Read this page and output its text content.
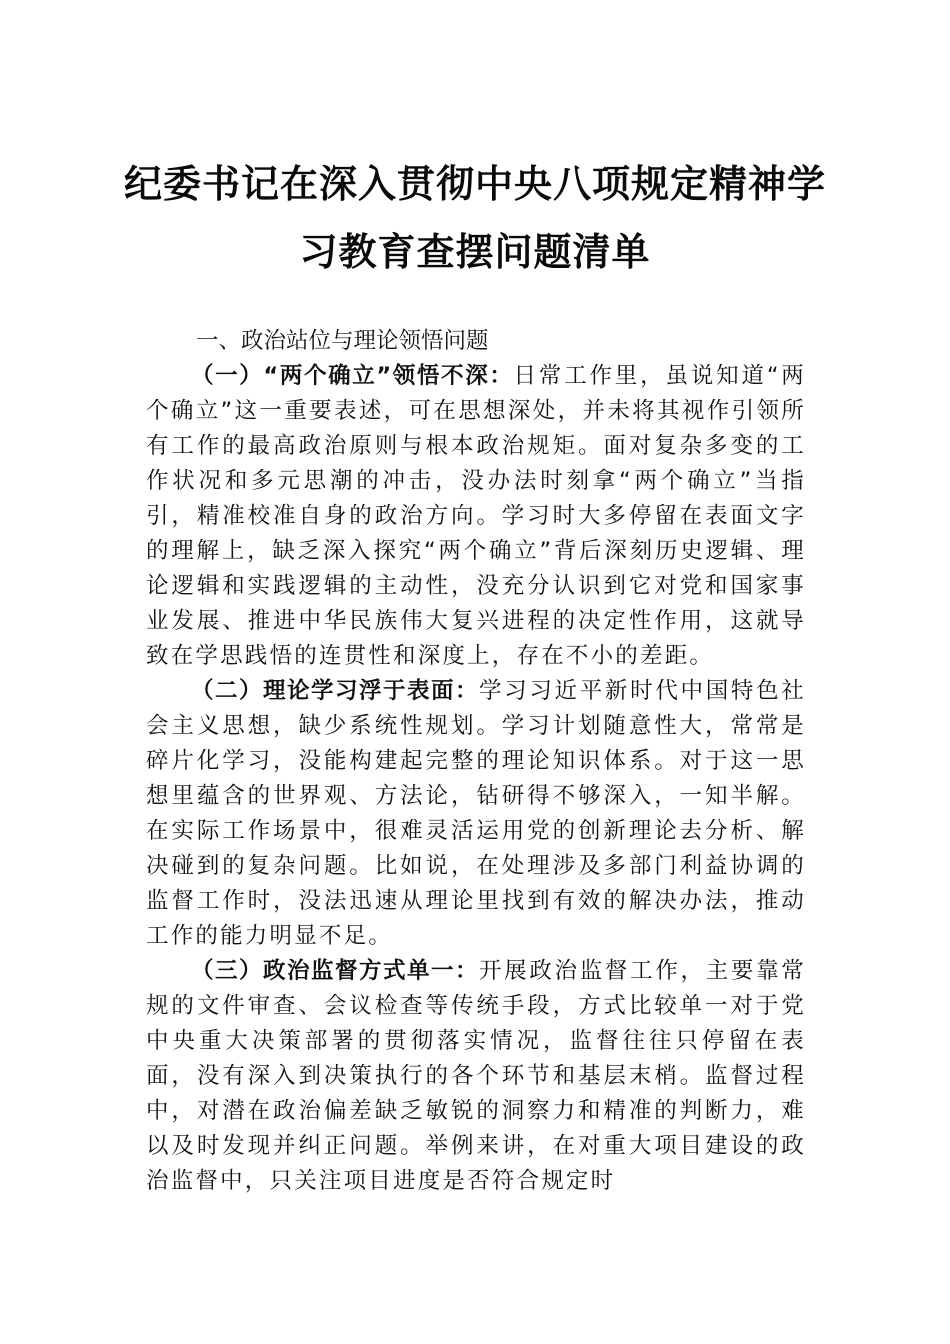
纪委书记在深入贯彻中央八项规定精神学
习教育查摆问题清单
一、政治站位与理论领悟问题

（一）“两个确立”领悟不深：日常工作里，虽说知道“两个确立”这一重要表述，可在思想深处，并未将其视作引领所有工作的最高政治原则与根本政治规矩。面对复杂多变的工作状况和多元思潮的冲击，没办法时刻拿“两个确立”当指引，精准校准自身的政治方向。学习时大多停留在表面文字的理解上，缺乏深入探究“两个确立”背后深刻历史逻辑、理论逻辑和实践逻辑的主动性，没充分认识到它对党和国家事业发展、推进中华民族伟大复兴进程的决定性作用，这就导致在学思践悟的连贯性和深度上，存在不小的差距。

（二）理论学习浮于表面：学习习近平新时代中国特色社会主义思想，缺少系统性规划。学习计划随意性大，常常是碎片化学习，没能构建起完整的理论知识体系。对于这一思想里蕴含的世界观、方法论，钻研得不够深入，一知半解。在实际工作场景中，很难灵活运用党的创新理论去分析、解决碰到的复杂问题。比如说，在处理涉及多部门利益协调的监督工作时，没法迅速从理论里找到有效的解决办法，推动工作的能力明显不足。

（三）政治监督方式单一：开展政治监督工作，主要靠常规的文件审查、会议检查等传统手段，方式比较单一对于党中央重大决策部署的贯彻落实情况，监督往往只停留在表面，没有深入到决策执行的各个环节和基层末梢。监督过程中，对潜在政治偏差缺乏敏锐的洞察力和精准的判断力，难以及时发现并纠正问题。举例来讲，在对重大项目建设的政治监督中，只关注项目进度是否符合规定时
